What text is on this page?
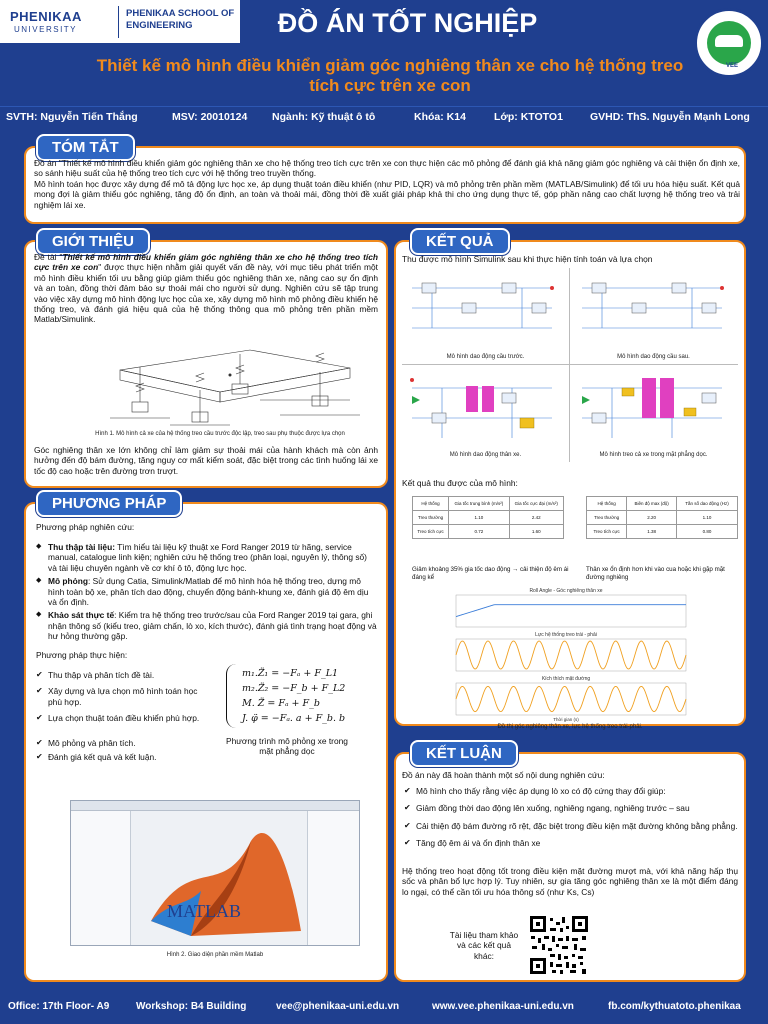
PHENIKAA
UNIVERSITY
PHENIKAA SCHOOL OF ENGINEERING	ĐỒ ÁN TỐT NGHIỆP
Thiết kế mô hình điều khiển giảm góc nghiêng thân xe cho hệ thống treo tích cực trên xe con
VEE
SVTH: Nguyễn Tiến Thắng	MSV: 20010124 Ngành: Kỹ thuật ô tô	Khóa: K14	Lớp: KTOTO1	GVHD: ThS. Nguyễn Mạnh Long
TÓM TẮT
Đồ án "Thiết kế mô hình điều khiển giảm góc nghiêng thân xe cho hệ thống treo tích cực trên xe con thực hiện các mô phỏng để đánh giá khả năng giảm góc nghiêng và cải thiện ổn định xe, so sánh hiệu suất của hệ thống treo tích cực với hệ thống treo truyền thống.
Mô hình toán học được xây dựng để mô tả động lực học xe, áp dụng thuật toán điều khiển (như PID, LQR) và mô phỏng trên phần mềm (MATLAB/Simulink) để tối ưu hóa hiệu suất. Kết quả mong đợi là giảm thiểu góc nghiêng, tăng độ ổn định, an toàn và thoải mái, đồng thời đề xuất giải pháp khả thi cho ứng dụng thực tế, góp phần nâng cao chất lượng hệ thống treo và trải nghiệm lái xe.
GIỚI THIỆU
Đề tài "Thiết kế mô hình điều khiển giảm góc nghiêng thân xe cho hệ thống treo tích cực trên xe con" được thực hiện nhằm giải quyết vấn đề này, với mục tiêu phát triển một mô hình điều khiển tối ưu bằng giúp giảm thiểu góc nghiêng thân xe, nâng cao sự ổn định và an toàn, đồng thời đảm bảo sự thoải mái cho người sử dụng. Nghiên cứu sẽ tập trung vào việc xây dựng mô hình động lực học của xe, xây dựng mô hình mô phỏng điều khiển hệ thống treo, và đánh giá hiệu quả của hệ thống thông qua mô phỏng trên phần mềm Matlab/Simulink.
Hình 1. Mô hình cả xe của hệ thống treo cầu trước độc lập, treo sau phụ thuộc được lựa chọn
Góc nghiêng thân xe lớn không chỉ làm giảm sự thoải mái của hành khách mà còn ảnh hưởng đến độ bám đường, tăng nguy cơ mất kiểm soát, đặc biệt trong các tình huống lái xe tốc độ cao hoặc trên đường trơn trượt.
PHƯƠNG PHÁP
Phương pháp nghiên cứu:
◆ Thu thập tài liệu: Tìm hiểu tài liệu kỹ thuật xe Ford Ranger 2019 từ hãng, service manual, catalogue linh kiện; nghiên cứu hệ thống treo (phân loại, nguyên lý, thông số) và tài liệu chuyên ngành về cơ khí ô tô, động lực học.
◆ Mô phỏng: Sử dụng Catia, Simulink/Matlab để mô hình hóa hệ thống treo, dựng mô hình toàn bộ xe, phân tích dao động, chuyển động bánh-khung xe, đánh giá độ êm dịu và ổn định.
◆ Khảo sát thực tế: Kiểm tra hệ thống treo trước/sau của Ford Ranger 2019 tại gara, ghi nhận thông số (kiểu treo, giảm chấn, lò xo, kích thước), đánh giá tình trạng hoạt động và hư hỏng thường gặp.
Phương pháp thực hiện:
✔ Thu thập và phân tích đề tài.
✔ Xây dựng và lựa chọn mô hình toán học phù hợp.
✔ Lựa chọn thuật toán điều khiển phù hợp.
✔ Mô phỏng và phân tích.
✔ Đánh giá kết quả và kết luận.
m₁.Z̈₁ = −Fₐ + F_L1
m₂.Z̈₂ = −F_b + F_L2
M. Z̈ = Fₐ + F_b
J. φ̈ = −Fₐ. a + F_b. b
Phương trình mô phỏng xe trong mặt phẳng dọc
MATLAB
Hình 2. Giao diện phần mềm Matlab
KẾT QUẢ
Thu được mô hình Simulink sau khi thực hiện tính toán và lựa chọn
Mô hình dao động cầu trước.	Mô hình dao động cầu sau.
Mô hình dao động thân xe.	Mô hình treo cả xe trong mặt phẳng dọc.
Kết quả thu được của mô hình:
Hệ thống	Gia tốc trung bình (m/s²)	Gia tốc cực đại (m/s²)
Treo thường	1.10	2.42
Treo tích cực	0.72	1.60
Hệ thống	Biên độ max (độ)	Tần số dao động (Hz)
Treo thường	2.20	1.10
Treo tích cực	1.38	0.80
Giảm khoảng 35% gia tốc dao động → cải thiện độ êm ái đáng kể
Thân xe ổn định hơn khi vào cua hoặc khi gặp mặt đường nghiêng
Roll Angle - Góc nghiêng thân xe
Lực hệ thống treo trái - phải
Kích thích mặt đường
Thời gian (s)
Đồ thị góc nghiêng thân xe, lực hệ thống treo trái-phải.
KẾT LUẬN
Đồ án này đã hoàn thành một số nội dung nghiên cứu:
✔ Mô hình cho thấy rằng việc áp dụng lò xo có độ cứng thay đổi giúp:
✔ Giảm đồng thời dao động lên xuống, nghiêng ngang, nghiêng trước – sau
✔ Cải thiện độ bám đường rõ rệt, đặc biệt trong điều kiện mặt đường không bằng phẳng.
✔ Tăng độ êm ái và ổn định thân xe
Hệ thống treo hoạt động tốt trong điều kiện mặt đường mượt mà, với khả năng hấp thụ sốc và phân bổ lực hợp lý. Tuy nhiên, sự gia tăng góc nghiêng thân xe là một điểm đáng lo ngại, có thể cần tối ưu hóa thông số (như Ks, Cs)
Tài liệu tham khảo và các kết quả khác:
Office: 17th Floor- A9	Workshop: B4 Building	vee@phenikaa-uni.edu.vn	www.vee.phenikaa-uni.edu.vn	fb.com/kythuatoto.phenikaa
